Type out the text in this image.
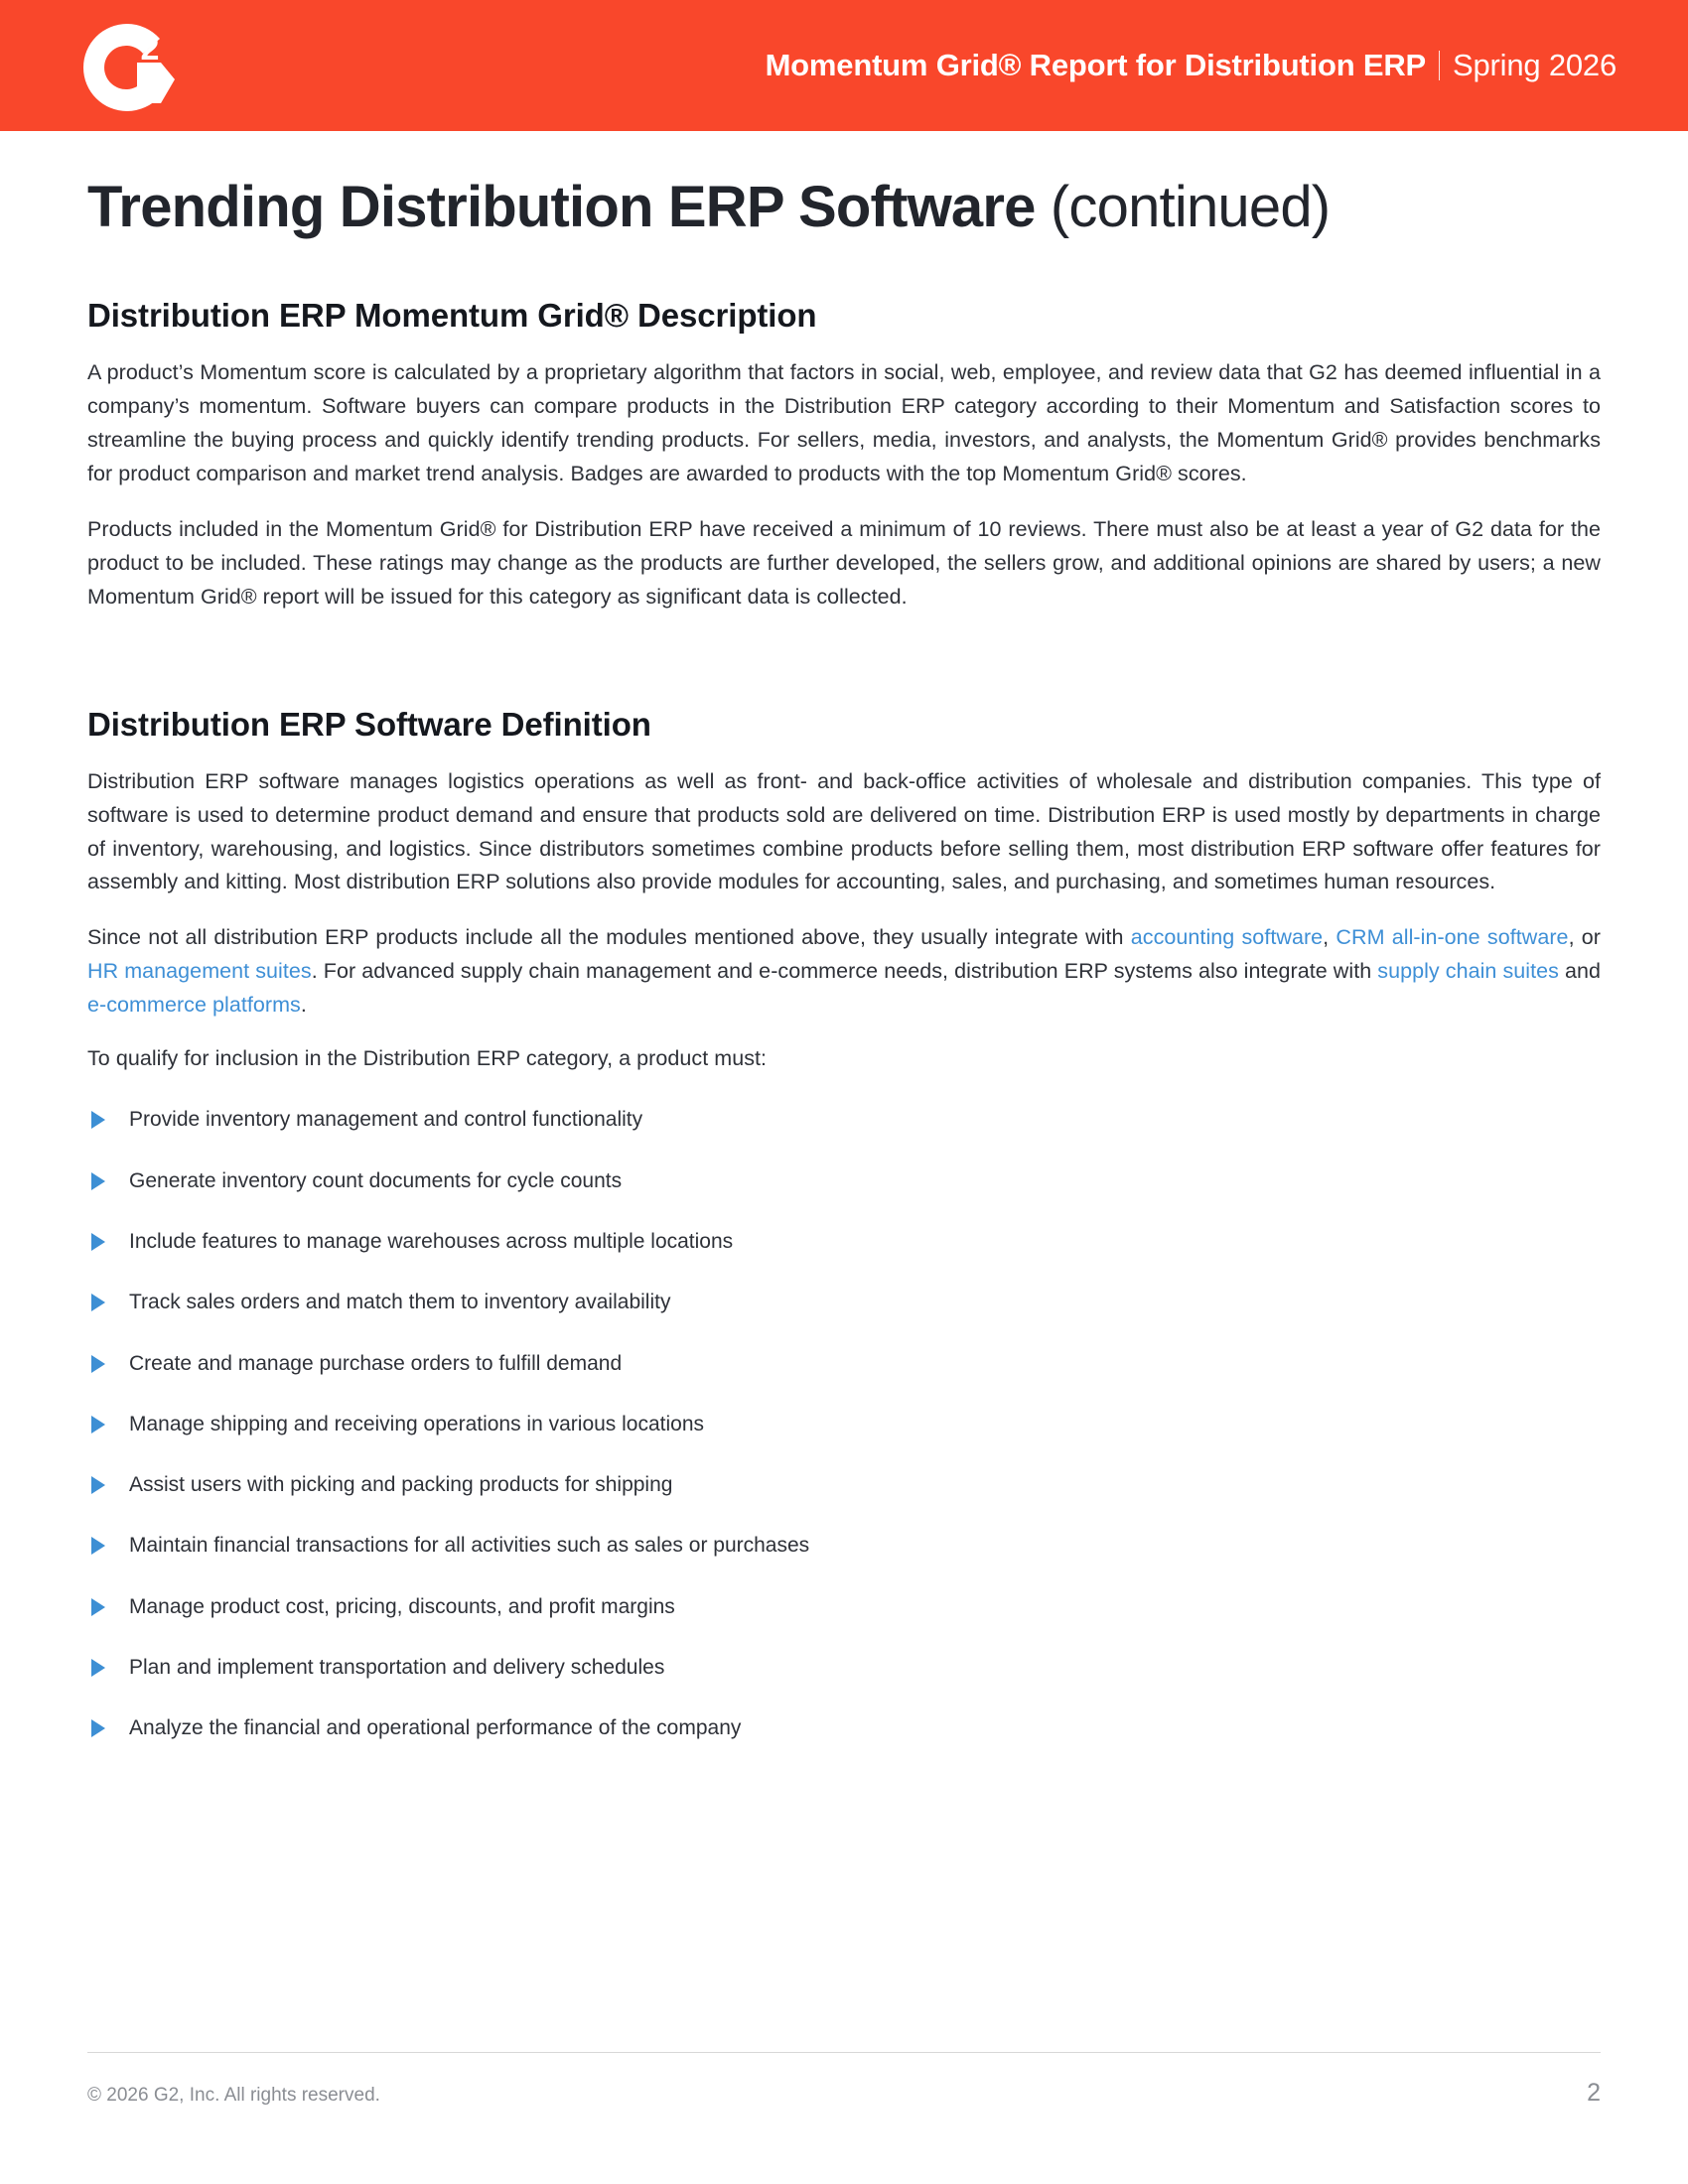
2	Momentum Grid® Report for Distribution ERP Spring 2026
Trending Distribution ERP Software (continued)
Distribution ERP Momentum Grid® Description

A product’s Momentum score is calculated by a proprietary algorithm that factors in social, web, employee, and review data that G2 has deemed influential in a company’s momentum. Software buyers can compare products in the Distribution ERP category according to their Momentum and Satisfaction scores to streamline the buying process and quickly identify trending products. For sellers, media, investors, and analysts, the Momentum Grid® provides benchmarks for product comparison and market trend analysis. Badges are awarded to products with the top Momentum Grid® scores.

Products included in the Momentum Grid® for Distribution ERP have received a minimum of 10 reviews. There must also be at least a year of G2 data for the product to be included. These ratings may change as the products are further developed, the sellers grow, and additional opinions are shared by users; a new Momentum Grid® report will be issued for this category as significant data is collected.

Distribution ERP Software Definition

Distribution ERP software manages logistics operations as well as front- and back-office activities of wholesale and distribution companies. This type of software is used to determine product demand and ensure that products sold are delivered on time. Distribution ERP is used mostly by departments in charge of inventory, warehousing, and logistics. Since distributors sometimes combine products before selling them, most distribution ERP software offer features for assembly and kitting. Most distribution ERP solutions also provide modules for accounting, sales, and purchasing, and sometimes human resources.

Since not all distribution ERP products include all the modules mentioned above, they usually integrate with accounting software, CRM all-in-one software, or HR management suites. For advanced supply chain management and e-commerce needs, distribution ERP systems also integrate with supply chain suites and e-commerce platforms.

To qualify for inclusion in the Distribution ERP category, a product must:

Provide inventory management and control functionality
Generate inventory count documents for cycle counts
Include features to manage warehouses across multiple locations
Track sales orders and match them to inventory availability
Create and manage purchase orders to fulfill demand
Manage shipping and receiving operations in various locations
Assist users with picking and packing products for shipping
Maintain financial transactions for all activities such as sales or purchases
Manage product cost, pricing, discounts, and profit margins
Plan and implement transportation and delivery schedules
Analyze the financial and operational performance of the company
© 2026 G2, Inc. All rights reserved.	2
